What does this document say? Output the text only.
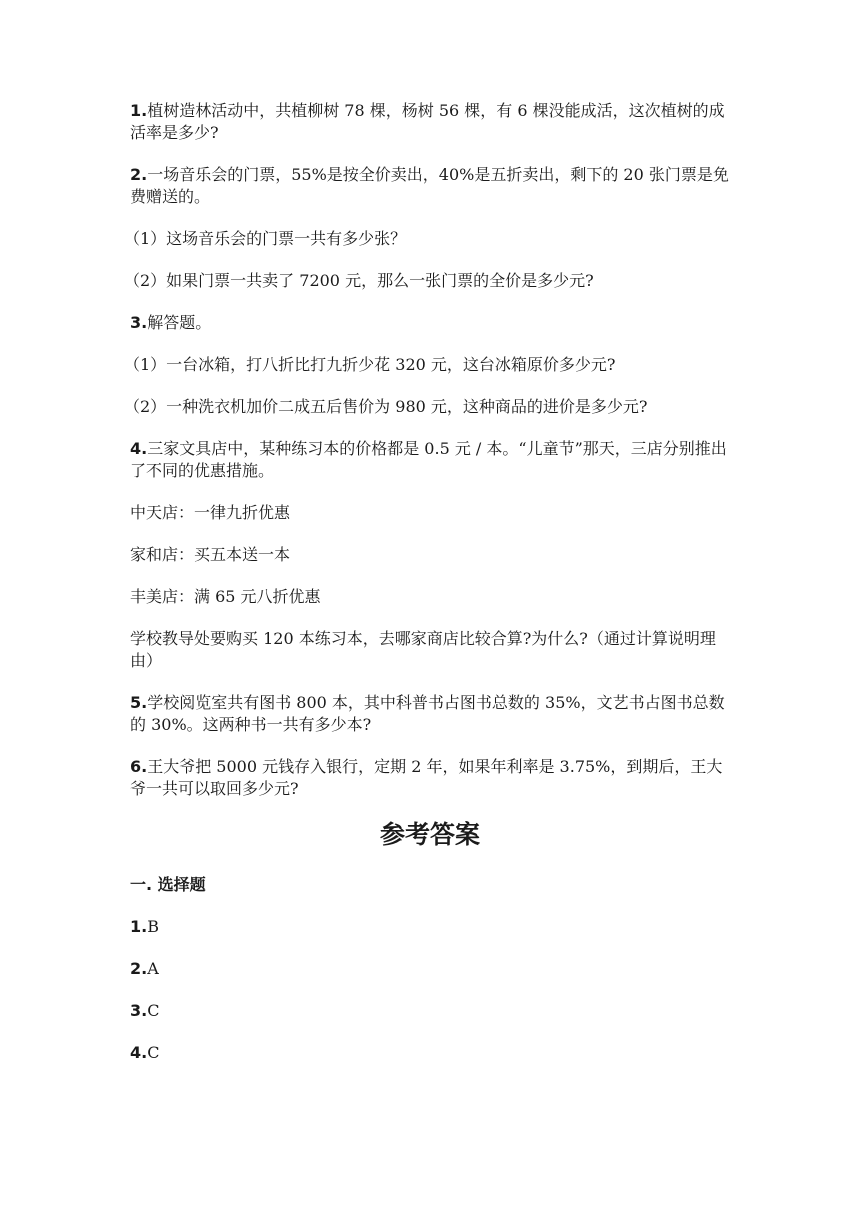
1.植树造林活动中，共植柳树 78 棵，杨树 56 棵，有 6 棵没能成活，这次植树的成活率是多少?

2.一场音乐会的门票，55%是按全价卖出，40%是五折卖出，剩下的 20 张门票是免费赠送的。

（1）这场音乐会的门票一共有多少张？

（2）如果门票一共卖了 7200 元，那么一张门票的全价是多少元?

3.解答题。

（1）一台冰箱，打八折比打九折少花 320 元，这台冰箱原价多少元?

（2）一种洗衣机加价二成五后售价为 980 元，这种商品的进价是多少元?

4.三家文具店中，某种练习本的价格都是 0.5 元 / 本。“儿童节”那天，三店分别推出了不同的优惠措施。

中天店：一律九折优惠

家和店：买五本送一本

丰美店：满 65 元八折优惠

学校教导处要购买 120 本练习本，去哪家商店比较合算?为什么?（通过计算说明理由）

5.学校阅览室共有图书 800 本，其中科普书占图书总数的 35%，文艺书占图书总数的 30%。这两种书一共有多少本?

6.王大爷把 5000 元钱存入银行，定期 2 年，如果年利率是 3.75%，到期后，王大爷一共可以取回多少元?

参考答案
一. 选择题

1.B

2.A

3.C

4.C
